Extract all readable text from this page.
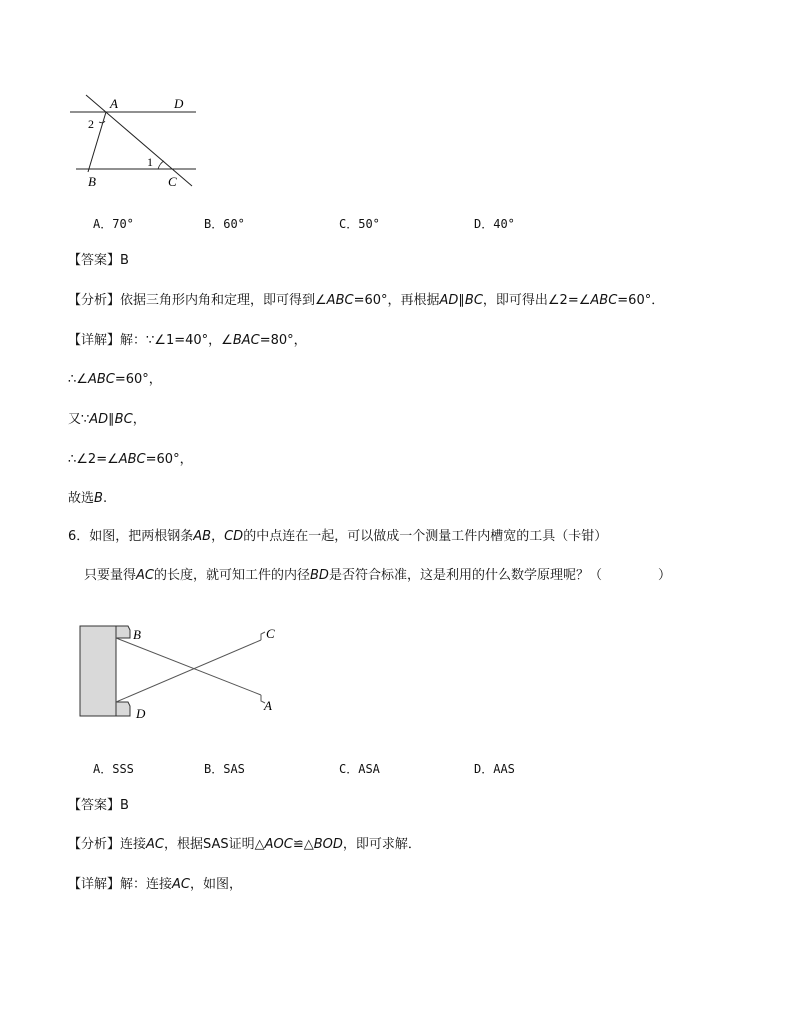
A	D
B	C
1
2
A．70°	B．60°	C．50°	D．40°
【答案】B
【分析】依据三角形内角和定理，即可得到∠ABC=60°，再根据AD∥BC，即可得出∠2=∠ABC=60°．
【详解】解：∵∠1=40°，∠BAC=80°，
∴∠ABC=60°，
又∵AD∥BC，
∴∠2=∠ABC=60°，
故选B.
6．如图，把两根钢条AB，CD的中点连在一起，可以做成一个测量工件内槽宽的工具（卡钳）
只要量得AC的长度，就可知工件的内径BD是否符合标准，这是利用的什么数学原理呢？（	）
B	C
D
A
A．SSS	B．SAS	C．ASA	D．AAS
【答案】B
【分析】连接AC，根据SAS证明△AOC≌△BOD，即可求解．
【详解】解：连接AC，如图，
